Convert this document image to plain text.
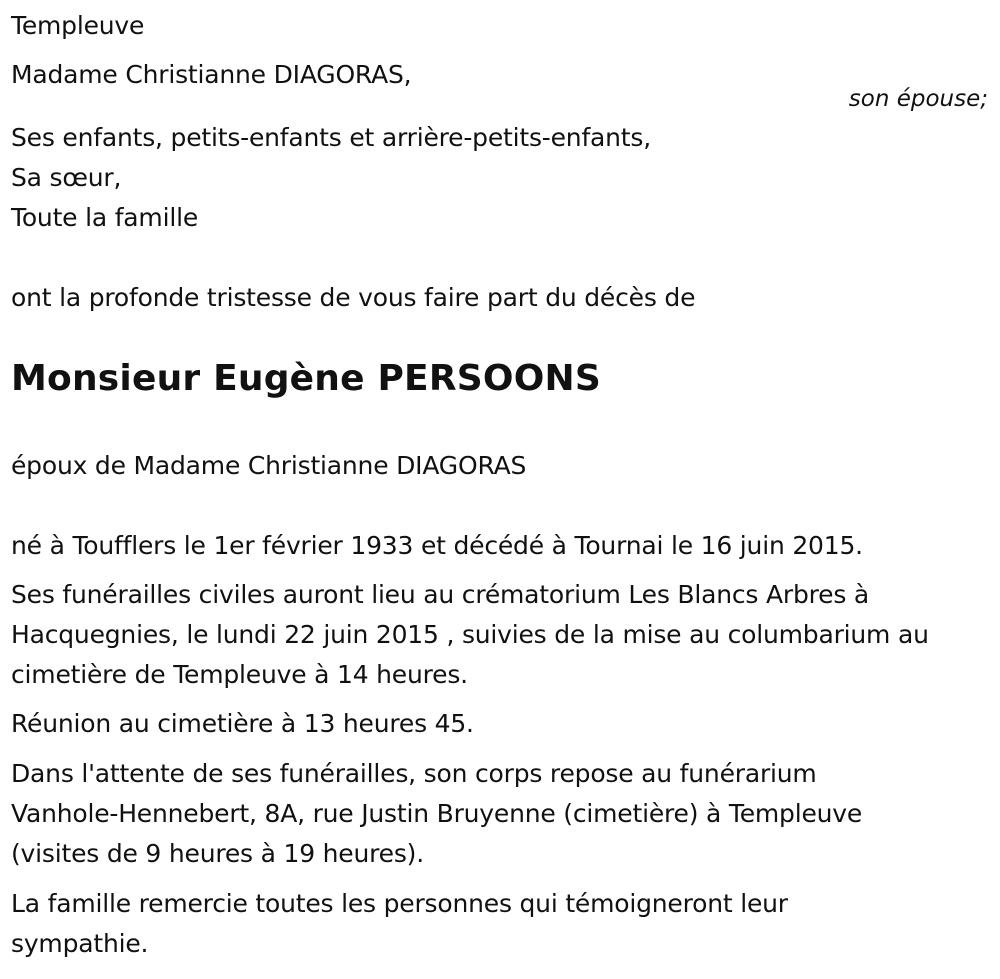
Templeuve
Madame Christianne DIAGORAS,
son épouse;
Ses enfants, petits-enfants et arrière-petits-enfants,
Sa sœur,
Toute la famille
ont la profonde tristesse de vous faire part du décès de
Monsieur Eugène PERSOONS
époux de Madame Christianne DIAGORAS
né à Toufflers le 1er février 1933 et décédé à Tournai le 16 juin 2015.
Ses funérailles civiles auront lieu au crématorium Les Blancs Arbres à
Hacquegnies, le lundi 22 juin 2015 , suivies de la mise au columbarium au
cimetière de Templeuve à 14 heures.
Réunion au cimetière à 13 heures 45.
Dans l'attente de ses funérailles, son corps repose au funérarium
Vanhole-Hennebert, 8A, rue Justin Bruyenne (cimetière) à Templeuve
(visites de 9 heures à 19 heures).
La famille remercie toutes les personnes qui témoigneront leur
sympathie.
